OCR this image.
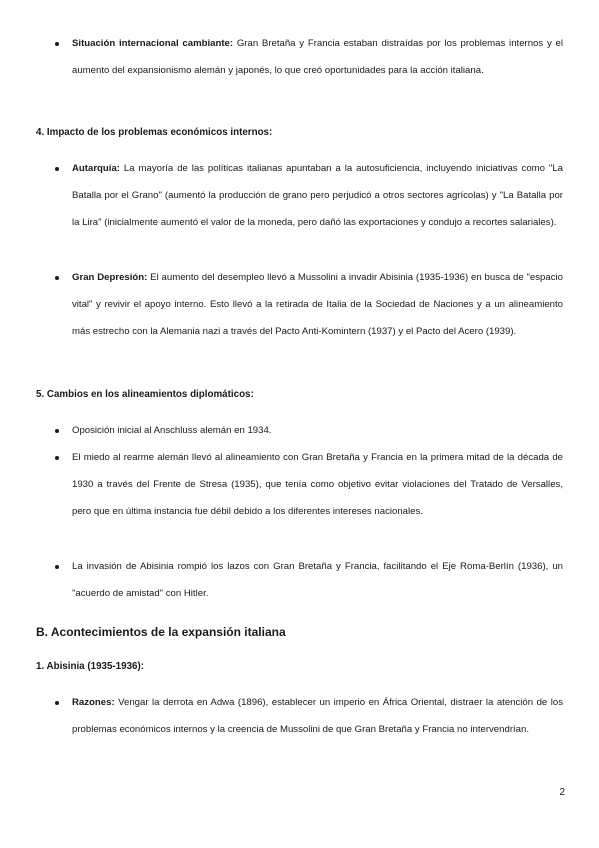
Situación internacional cambiante: Gran Bretaña y Francia estaban distraídas por los problemas internos y el aumento del expansionismo alemán y japonés, lo que creó oportunidades para la acción italiana.
4. Impacto de los problemas económicos internos:
Autarquía: La mayoría de las políticas italianas apuntaban a la autosuficiencia, incluyendo iniciativas como "La Batalla por el Grano" (aumentó la producción de grano pero perjudicó a otros sectores agrícolas) y "La Batalla por la Lira" (inicialmente aumentó el valor de la moneda, pero dañó las exportaciones y condujo a recortes salariales).
Gran Depresión: El aumento del desempleo llevó a Mussolini a invadir Abisinia (1935-1936) en busca de "espacio vital" y revivir el apoyo interno. Esto llevó a la retirada de Italia de la Sociedad de Naciones y a un alineamiento más estrecho con la Alemania nazi a través del Pacto Anti-Komintern (1937) y el Pacto del Acero (1939).
5. Cambios en los alineamientos diplomáticos:
Oposición inicial al Anschluss alemán en 1934.
El miedo al rearme alemán llevó al alineamiento con Gran Bretaña y Francia en la primera mitad de la década de 1930 a través del Frente de Stresa (1935), que tenía como objetivo evitar violaciones del Tratado de Versalles, pero que en última instancia fue débil debido a los diferentes intereses nacionales.
La invasión de Abisinia rompió los lazos con Gran Bretaña y Francia, facilitando el Eje Roma-Berlín (1936), un "acuerdo de amistad" con Hitler.
B. Acontecimientos de la expansión italiana
1. Abisinia (1935-1936):
Razones: Vengar la derrota en Adwa (1896), establecer un imperio en África Oriental, distraer la atención de los problemas económicos internos y la creencia de Mussolini de que Gran Bretaña y Francia no intervendrían.
2
